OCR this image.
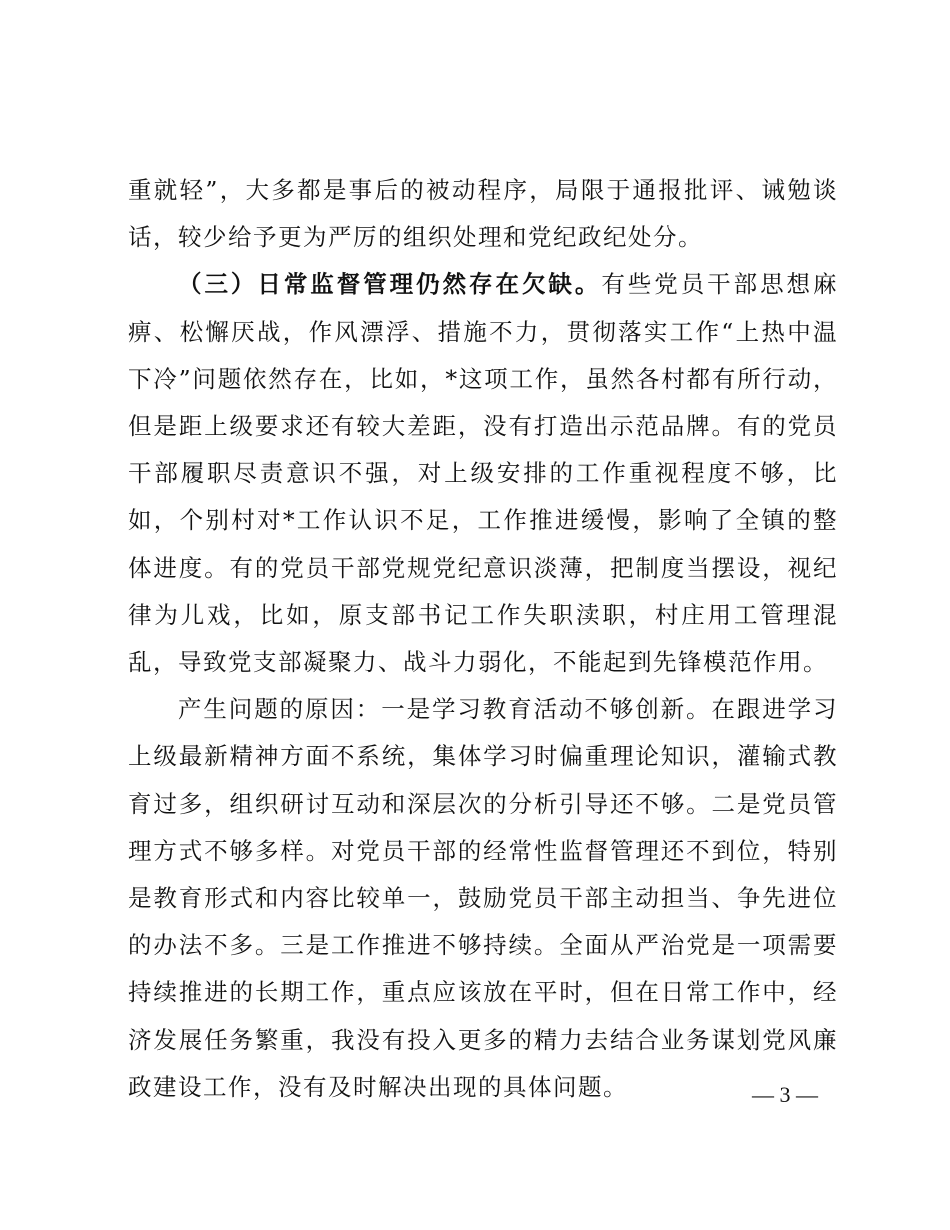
重就轻”，大多都是事后的被动程序，局限于通报批评、诫勉谈话，较少给予更为严厉的组织处理和党纪政纪处分。

（三）日常监督管理仍然存在欠缺。有些党员干部思想麻痹、松懈厌战，作风漂浮、措施不力，贯彻落实工作“上热中温下冷”问题依然存在，比如，*这项工作，虽然各村都有所行动，但是距上级要求还有较大差距，没有打造出示范品牌。有的党员干部履职尽责意识不强，对上级安排的工作重视程度不够，比如，个别村对*工作认识不足，工作推进缓慢，影响了全镇的整体进度。有的党员干部党规党纪意识淡薄，把制度当摆设，视纪律为儿戏，比如，原支部书记工作失职渎职，村庄用工管理混乱，导致党支部凝聚力、战斗力弱化，不能起到先锋模范作用。

产生问题的原因：一是学习教育活动不够创新。在跟进学习上级最新精神方面不系统，集体学习时偏重理论知识，灌输式教育过多，组织研讨互动和深层次的分析引导还不够。二是党员管理方式不够多样。对党员干部的经常性监督管理还不到位，特别是教育形式和内容比较单一，鼓励党员干部主动担当、争先进位的办法不多。三是工作推进不够持续。全面从严治党是一项需要持续推进的长期工作，重点应该放在平时，但在日常工作中，经济发展任务繁重，我没有投入更多的精力去结合业务谋划党风廉政建设工作，没有及时解决出现的具体问题。	— 3 —
